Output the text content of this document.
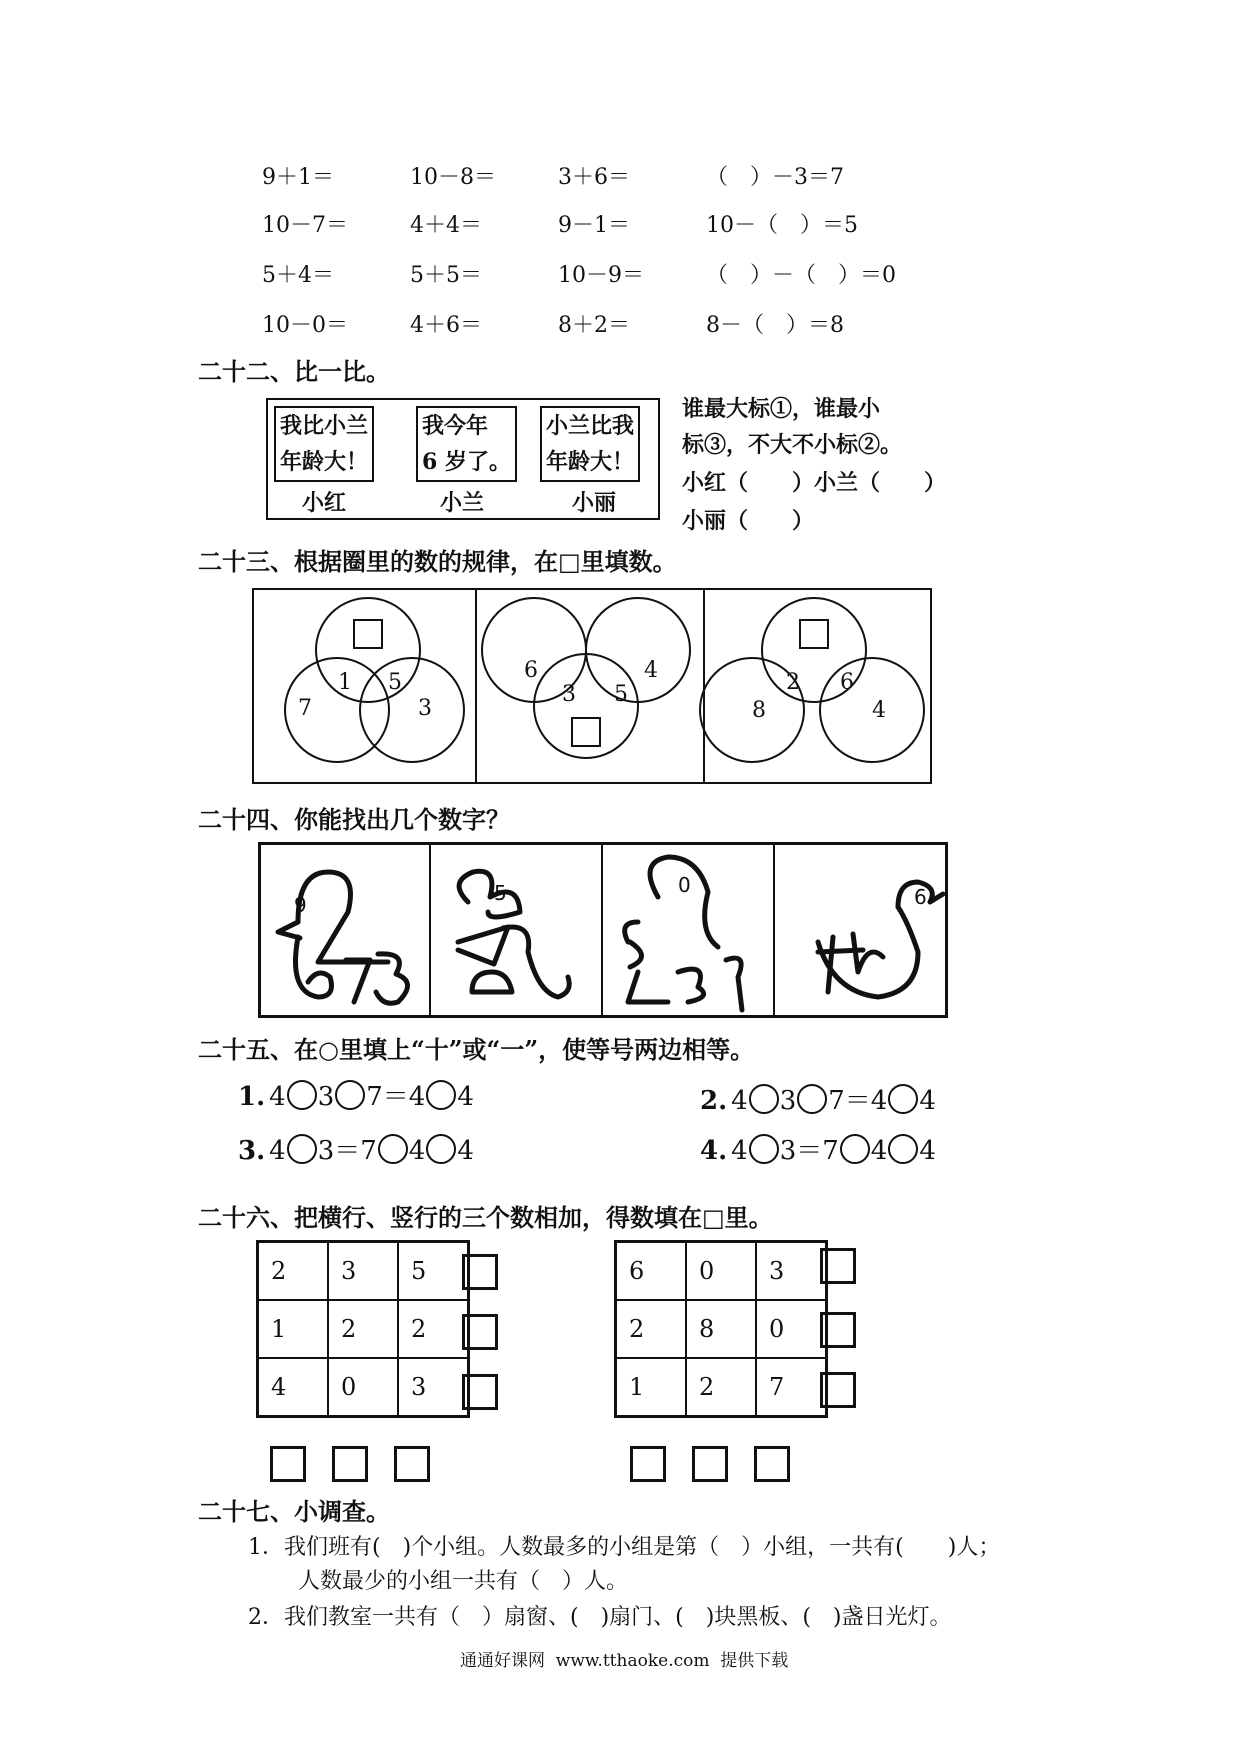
9＋1＝	10－8＝	3＋6＝	（　）－3＝7
10－7＝	4＋4＝	9－1＝	10－（　）＝5
5＋4＝	5＋5＝	10－9＝	（　）－（　）＝0
10－0＝	4＋6＝	8＋2＝	8－（　）＝8
二十二、比一比。
我比小兰
年龄大！
我今年
6 岁了。
小兰比我
年龄大！
小红	小兰	小丽
谁最大标①，谁最小
标③，不大不小标②。
小红（　　）小兰（　　）
小丽（　　）
二十三、根据圈里的数的规律，在□里填数。
7
1 5
3
6
3 5
4
8
2 6
4
二十四、你能找出几个数字？
9	5	0	6
二十五、在○里填上“十”或“一”，使等号两边相等。
1. 4 3 7＝4 4	2. 4 3 7＝4 4
3. 4 3＝7 4 4	4. 4 3＝7 4 4
二十六、把横行、竖行的三个数相加，得数填在□里。
2	3	5
1	2	2
4	0	3
6	0	3
2	8	0
1	2	7
二十七、小调查。
1．我们班有(　)个小组。人数最多的小组是第（　）小组，一共有(　　)人；
人数最少的小组一共有（　）人。
2．我们教室一共有（　）扇窗、(　)扇门、(　)块黑板、(　)盏日光灯。
通通好课网  www.tthaoke.com  提供下载
